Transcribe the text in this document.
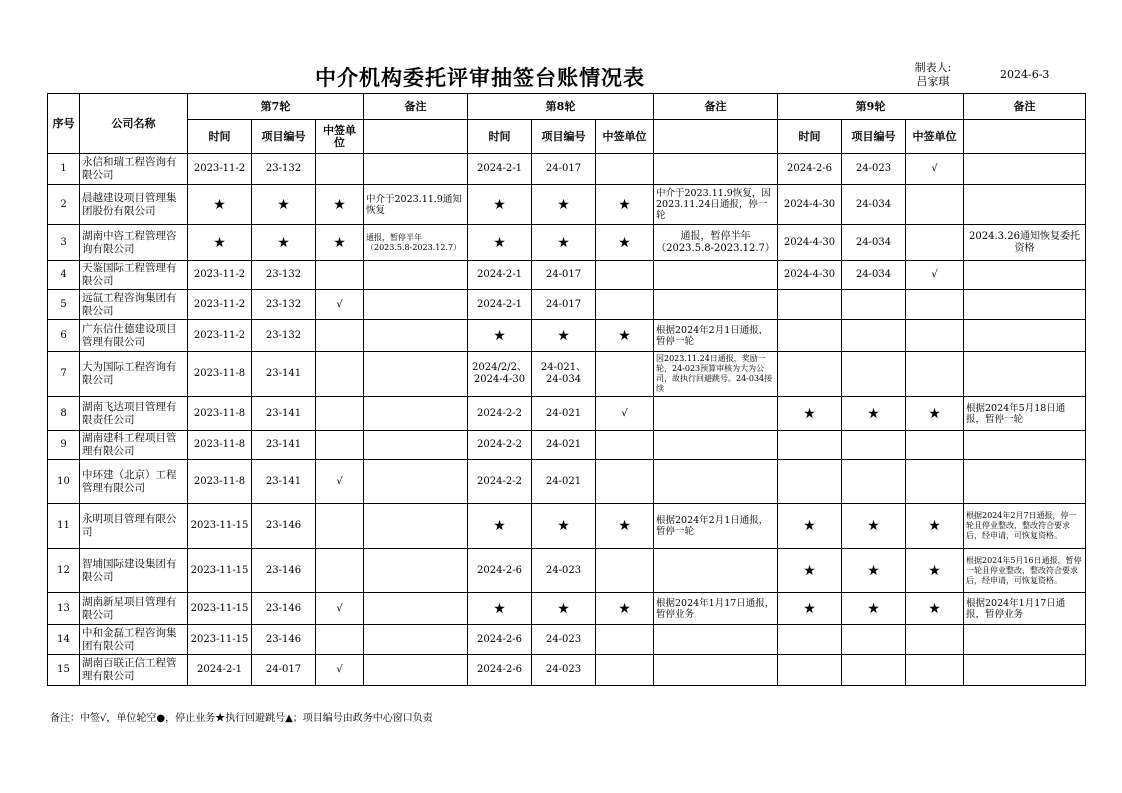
中介机构委托评审抽签台账情况表	制表人:
吕家琪
2024-6-3
序号	公司名称	第7轮			备注	第8轮			备注	第9轮			备注
		时间	项目编号	中签单位		时间	项目编号	中签单位		时间	项目编号	中签单位	
1	永信和瑞工程咨询有限公司	2023-11-2	23-132			2024-2-1	24-017			2024-2-6	24-023	√	
2	晨越建设项目管理集团股份有限公司	★	★	★	中介于2023.11.9通知恢复	★	★	★	中介于2023.11.9恢复，因2023.11.24日通报，停一轮	2024-4-30	24-034		
3	湖南中咨工程管理咨询有限公司	★	★	★	通报，暂停半年（2023.5.8-2023.12.7）	★	★	★	通报，暂停半年（2023.5.8-2023.12.7）	2024-4-30	24-034		2024.3.26通知恢复委托资格
4	天鉴国际工程管理有限公司	2023-11-2	23-132			2024-2-1	24-017			2024-4-30	24-034	√	
5	远氙工程咨询集团有限公司	2023-11-2	23-132	√		2024-2-1	24-017						
6	广东信仕德建设项目管理有限公司	2023-11-2	23-132			★	★	★	根据2024年2月1日通报，暂停一轮				
7	大为国际工程咨询有限公司	2023-11-8	23-141			2024/2/2、2024-4-30	24-021、24-034		因2023.11.24日通报，奖励一轮，24-023预算审核为大为公司，故执行回避跳号。24-034接续				
8	湖南飞达项目管理有限责任公司	2023-11-8	23-141			2024-2-2	24-021	√		★	★	★	根据2024年5月18日通报，暂停一轮
9	湖南建科工程项目管理有限公司	2023-11-8	23-141			2024-2-2	24-021						
10	中环建（北京）工程管理有限公司	2023-11-8	23-141	√		2024-2-2	24-021						
11	永明项目管理有限公司	2023-11-15	23-146			★	★	★	根据2024年2月1日通报，暂停一轮	★	★	★	根据2024年2月7日通报，停一轮且停业整改，整改符合要求后，经申请，可恢复资格。
12	智埔国际建设集团有限公司	2023-11-15	23-146			2024-2-6	24-023			★	★	★	根据2024年5月16日通报，暂停一轮且停业整改，整改符合要求后，经申请，可恢复资格。
13	湖南新星项目管理有限公司	2023-11-15	23-146	√		★	★	★	根据2024年1月17日通报，暂停业务	★	★	★	根据2024年1月17日通报，暂停业务
14	中和金磊工程咨询集团有限公司	2023-11-15	23-146			2024-2-6	24-023						
15	湖南百联正信工程管理有限公司	2024-2-1	24-017	√		2024-2-6	24-023						
备注：中签√，单位轮空●，停止业务★执行回避跳号▲；项目编号由政务中心窗口负责
